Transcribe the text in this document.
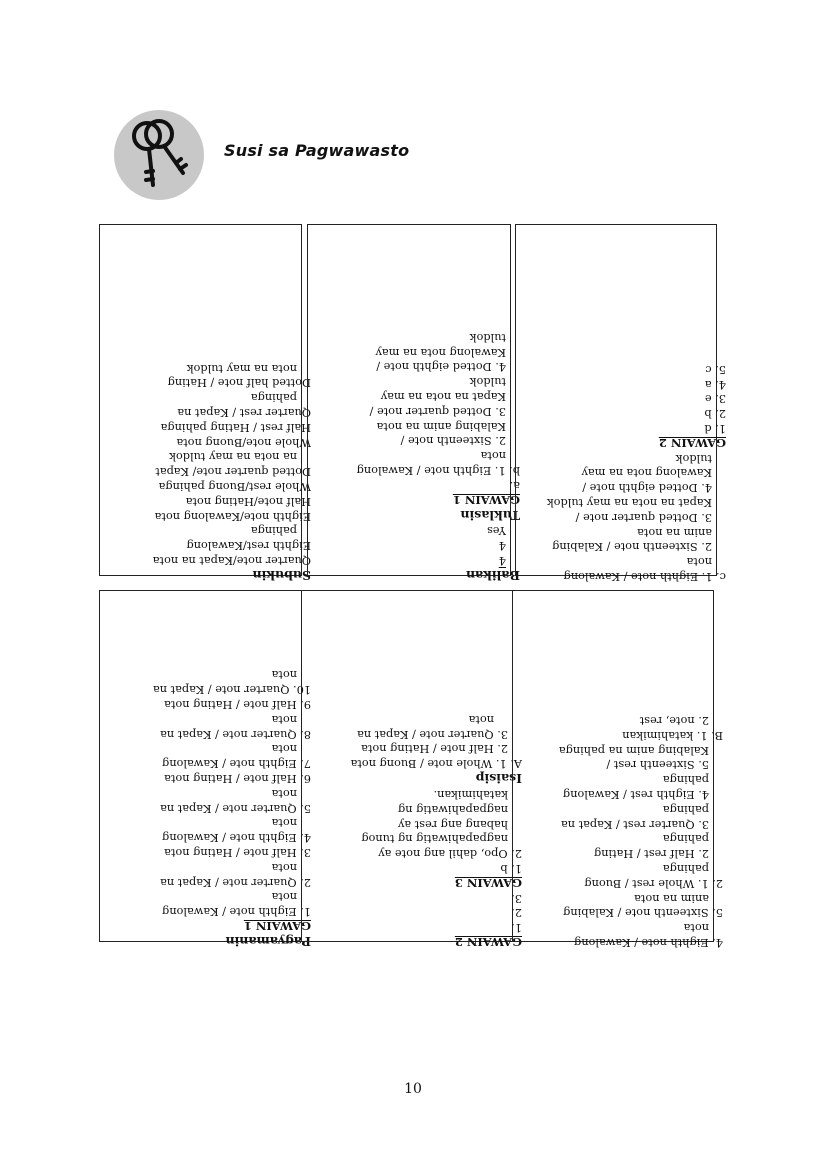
Susi sa Pagwawasto

Subukin

Quarter note/Kapat na nota

Eighth rest/Kawalong

pahinga

Eighth note/Kawalong nota

Half note/Hating nota

Whole rest/Buong pahinga

Dotted quarter note/ Kapat

na nota na may tuldok

Whole note/Buong nota

Half rest / Hating pahinga

Quarter rest / Kapat na

pahinga

Dotted half note / Hating

nota na may tuldok

Balikan

4

4

Yes

Tuklasin

GAWAIN 1

a.

b. 1. Eighth note / Kawalong

nota

2. Sixteenth note /

Kalabing anim na nota

3. Dotted quarter note /

Kapat na nota na may

tuldok

4. Dotted eighth note /

Kawalong nota na may

tuldok

c. 1. Eighth note / Kawalong

nota

2. Sixteenth note / Kalabing

anim na nota

3. Dotted quarter note /

Kapat na nota na may tuldok

4. Dotted eighth note /

Kawalong nota na may

tuldok

GAWAIN 2

1. d

2. b

3. e

4. a

5. c

Pagyamanin

GAWAIN 1

1. Eighth note / Kawalong

nota

2. Quarter note / Kapat na

nota

3. Half note / Hating nota

4. Eighth note / Kawalong

nota

5. Quarter note / Kapat na

nota

6. Half note / Hating nota

7. Eighth note / Kawalong

nota

8. Quarter note / Kapat na

nota

9. Half note / Hating nota

10. Quarter note / Kapat na

nota

GAWAIN 2

1.

2.

3.

GAWAIN 3

1. b

2. Opo, dahil ang note ay

nagpapahiwatig ng tunog

habang ang rest ay

nagpapahiwatig ng

katahimikan.

Isaisip

A. 1. Whole note / Buong nota

2. Half note / Hating nota

3. Quarter note / Kapat na

nota

4. Eighth note / Kawalong

nota

5. Sixteenth note / Kalabing

anim na nota

2. 1. Whole rest / Buong

pahinga

2. Half rest / Hating

pahinga

3. Quarter rest / Kapat na

pahinga

4. Eighth rest / Kawalong

pahinga

5. Sixteenth rest /

Kalabing anim na pahinga

B. 1. katahimikan

2. note, rest

10
